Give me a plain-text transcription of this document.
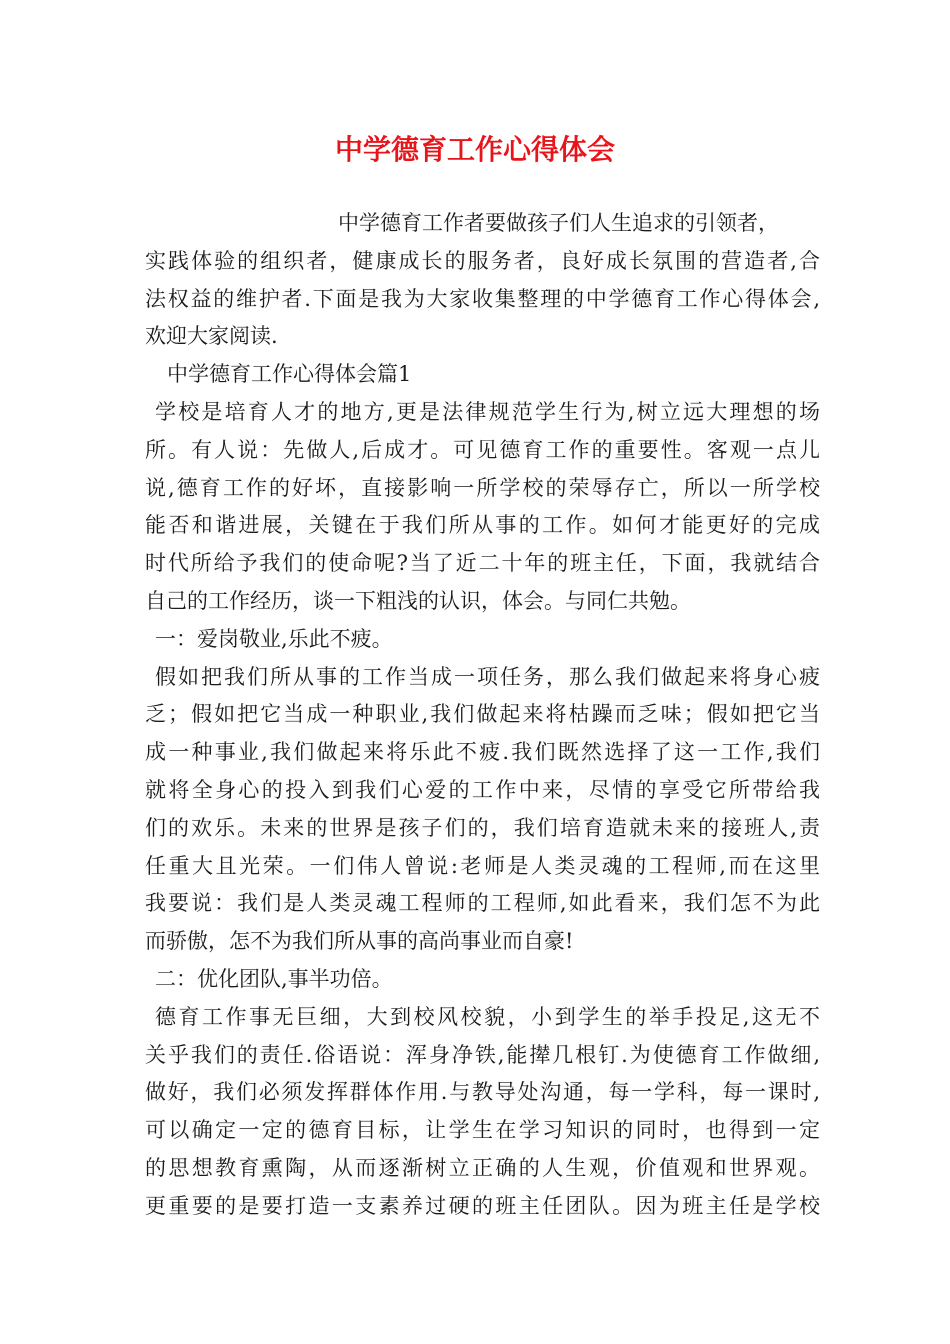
中学德育工作心得体会
中学德育工作者要做孩子们人生追求的引领者，
实践体验的组织者，健康成长的服务者，良好成长氛围的营造者,合
法权益的维护者.下面是我为大家收集整理的中学德育工作心得体会,
欢迎大家阅读.
中学德育工作心得体会篇1
学校是培育人才的地方,更是法律规范学生行为,树立远大理想的场
所。有人说：先做人,后成才。可见德育工作的重要性。客观一点儿
说,德育工作的好坏，直接影响一所学校的荣辱存亡，所以一所学校
能否和谐进展，关键在于我们所从事的工作。如何才能更好的完成
时代所给予我们的使命呢?当了近二十年的班主任，下面，我就结合
自己的工作经历，谈一下粗浅的认识，体会。与同仁共勉。
一：爱岗敬业,乐此不疲。
假如把我们所从事的工作当成一项任务，那么我们做起来将身心疲
乏；假如把它当成一种职业,我们做起来将枯躁而乏味；假如把它当
成一种事业,我们做起来将乐此不疲.我们既然选择了这一工作,我们
就将全身心的投入到我们心爱的工作中来，尽情的享受它所带给我
们的欢乐。未来的世界是孩子们的，我们培育造就未来的接班人,责
任重大且光荣。一们伟人曾说:老师是人类灵魂的工程师,而在这里
我要说：我们是人类灵魂工程师的工程师,如此看来，我们怎不为此
而骄傲，怎不为我们所从事的高尚事业而自豪!
二：优化团队,事半功倍。
德育工作事无巨细，大到校风校貌，小到学生的举手投足,这无不
关乎我们的责任.俗语说：浑身净铁,能撵几根钉.为使德育工作做细,
做好，我们必须发挥群体作用.与教导处沟通，每一学科，每一课时,
可以确定一定的德育目标，让学生在学习知识的同时，也得到一定
的思想教育熏陶，从而逐渐树立正确的人生观，价值观和世界观。
更重要的是要打造一支素养过硬的班主任团队。因为班主任是学校
